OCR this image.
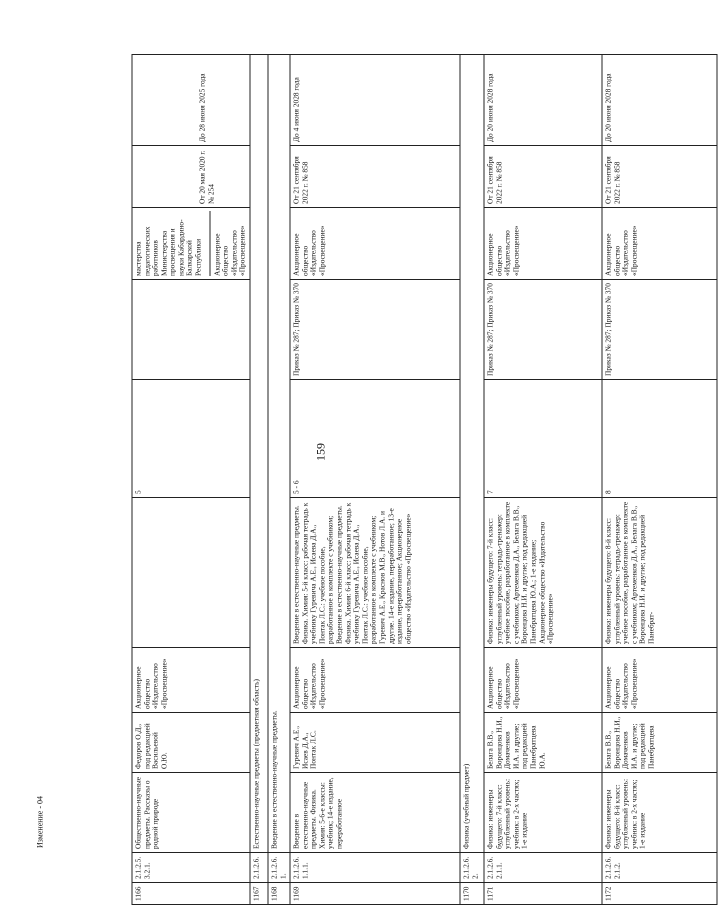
159
Изменение - 04
1166	2.1.2.5.3.2.1.	Общественно-научные предметы. Рассказы о родной природе	Федоров О.Д., под редакцией Васильевой О.Ю.	Акционерное общество «Издательство «Просвещение»		5		мастерства педагогических работников Министерства просвещения и науки Кабардино-Балкарской Республики Акционерное общество «Издательство «Просвещение»	От 20 мая 2020 г. № 254	До 28 июня 2025 года

1167	2.1.2.6.	Естественно-научные предметы (предметная область)								
1168	2.1.2.6.1.	Введение в естественно-научные предметы.								
1169	2.1.2.6.1.1.1.	Введение в естественно-научные предметы. Физика. Химия: 5-6-е классы: учебник; 14-е издание, переработанное	Гуревич А.Е., Исаев Д.А., Понтак Л.С.	Акционерное общество «Издательство «Просвещение»	Введение в естественно-научные предметы. Физика. Химия: 5-й класс: рабочая тетрадь к учебнику Гуревича А.Е., Исаева Д.А., Понтак Л.С.: учебное пособие, разработанное в комплекте с учебником; Введение в естественно-научные предметы. Физика. Химия: 6-й класс: рабочая тетрадь к учебнику Гуревича А.Е., Исаева Д.А., Понтак Л.С.: учебное пособие, разработанное в комплекте с учебником; Гуревич А.Е., Краснов М.В., Нотов Л.А. и другие. 14-е издание, переработанное; 13-е издание, переработанное; Акционерное общество «Издательство «Просвещение»	5 - 6	Приказ № 287; Приказ № 370	Акционерное общество «Издательство «Просвещение»	От 21 сентября 2022 г. № 858	До 4 июня 2028 года
1170	2.1.2.6.2.	Физика (учебный предмет)								
1171	2.1.2.6.2.1.1.	Физика: инженеры будущего: 7-й класс: углубленный уровень: учебник: в 2-х частях; 1-е издание	Белага В.В., Воронцова Н.И., Домаченков И.А. и другие; под редакцией Панебратцева Ю.А.	Акционерное общество «Издательство «Просвещение»	Физика: инженеры будущего: 7-й класс: углубленный уровень: тетрадь-тренажер: учебное пособие, разработанное в комплекте с учебником; Артеменков Д.А., Белага В.В., Воронцова Н.И. и другие; под редакцией Панебратцева Ю.А.; 1-е издание; Акционерное общество «Издательство «Просвещение»	7	Приказ № 287; Приказ № 370	Акционерное общество «Издательство «Просвещение»	От 21 сентября 2022 г. № 858	До 20 июня 2028 года
1172	2.1.2.6.2.1.2.	Физика: инженеры будущего: 8-й класс: углубленный уровень: учебник: в 2-х частях; 1-е издание	Белага В.В., Воронцова Н.И., Домаченков И.А. и другие; под редакцией Панебратцева	Акционерное общество «Издательство «Просвещение»	Физика: инженеры будущего: 8-й класс: углубленный уровень: тетрадь-тренажер: учебное пособие, разработанное в комплекте с учебником; Артеменков Д.А., Белага В.В., Воронцова Н.И. и другие; под редакцией Панебрат-	8	Приказ № 287; Приказ № 370	Акционерное общество «Издательство «Просвещение»	От 21 сентября 2022 г. № 858	До 20 июня 2028 года
